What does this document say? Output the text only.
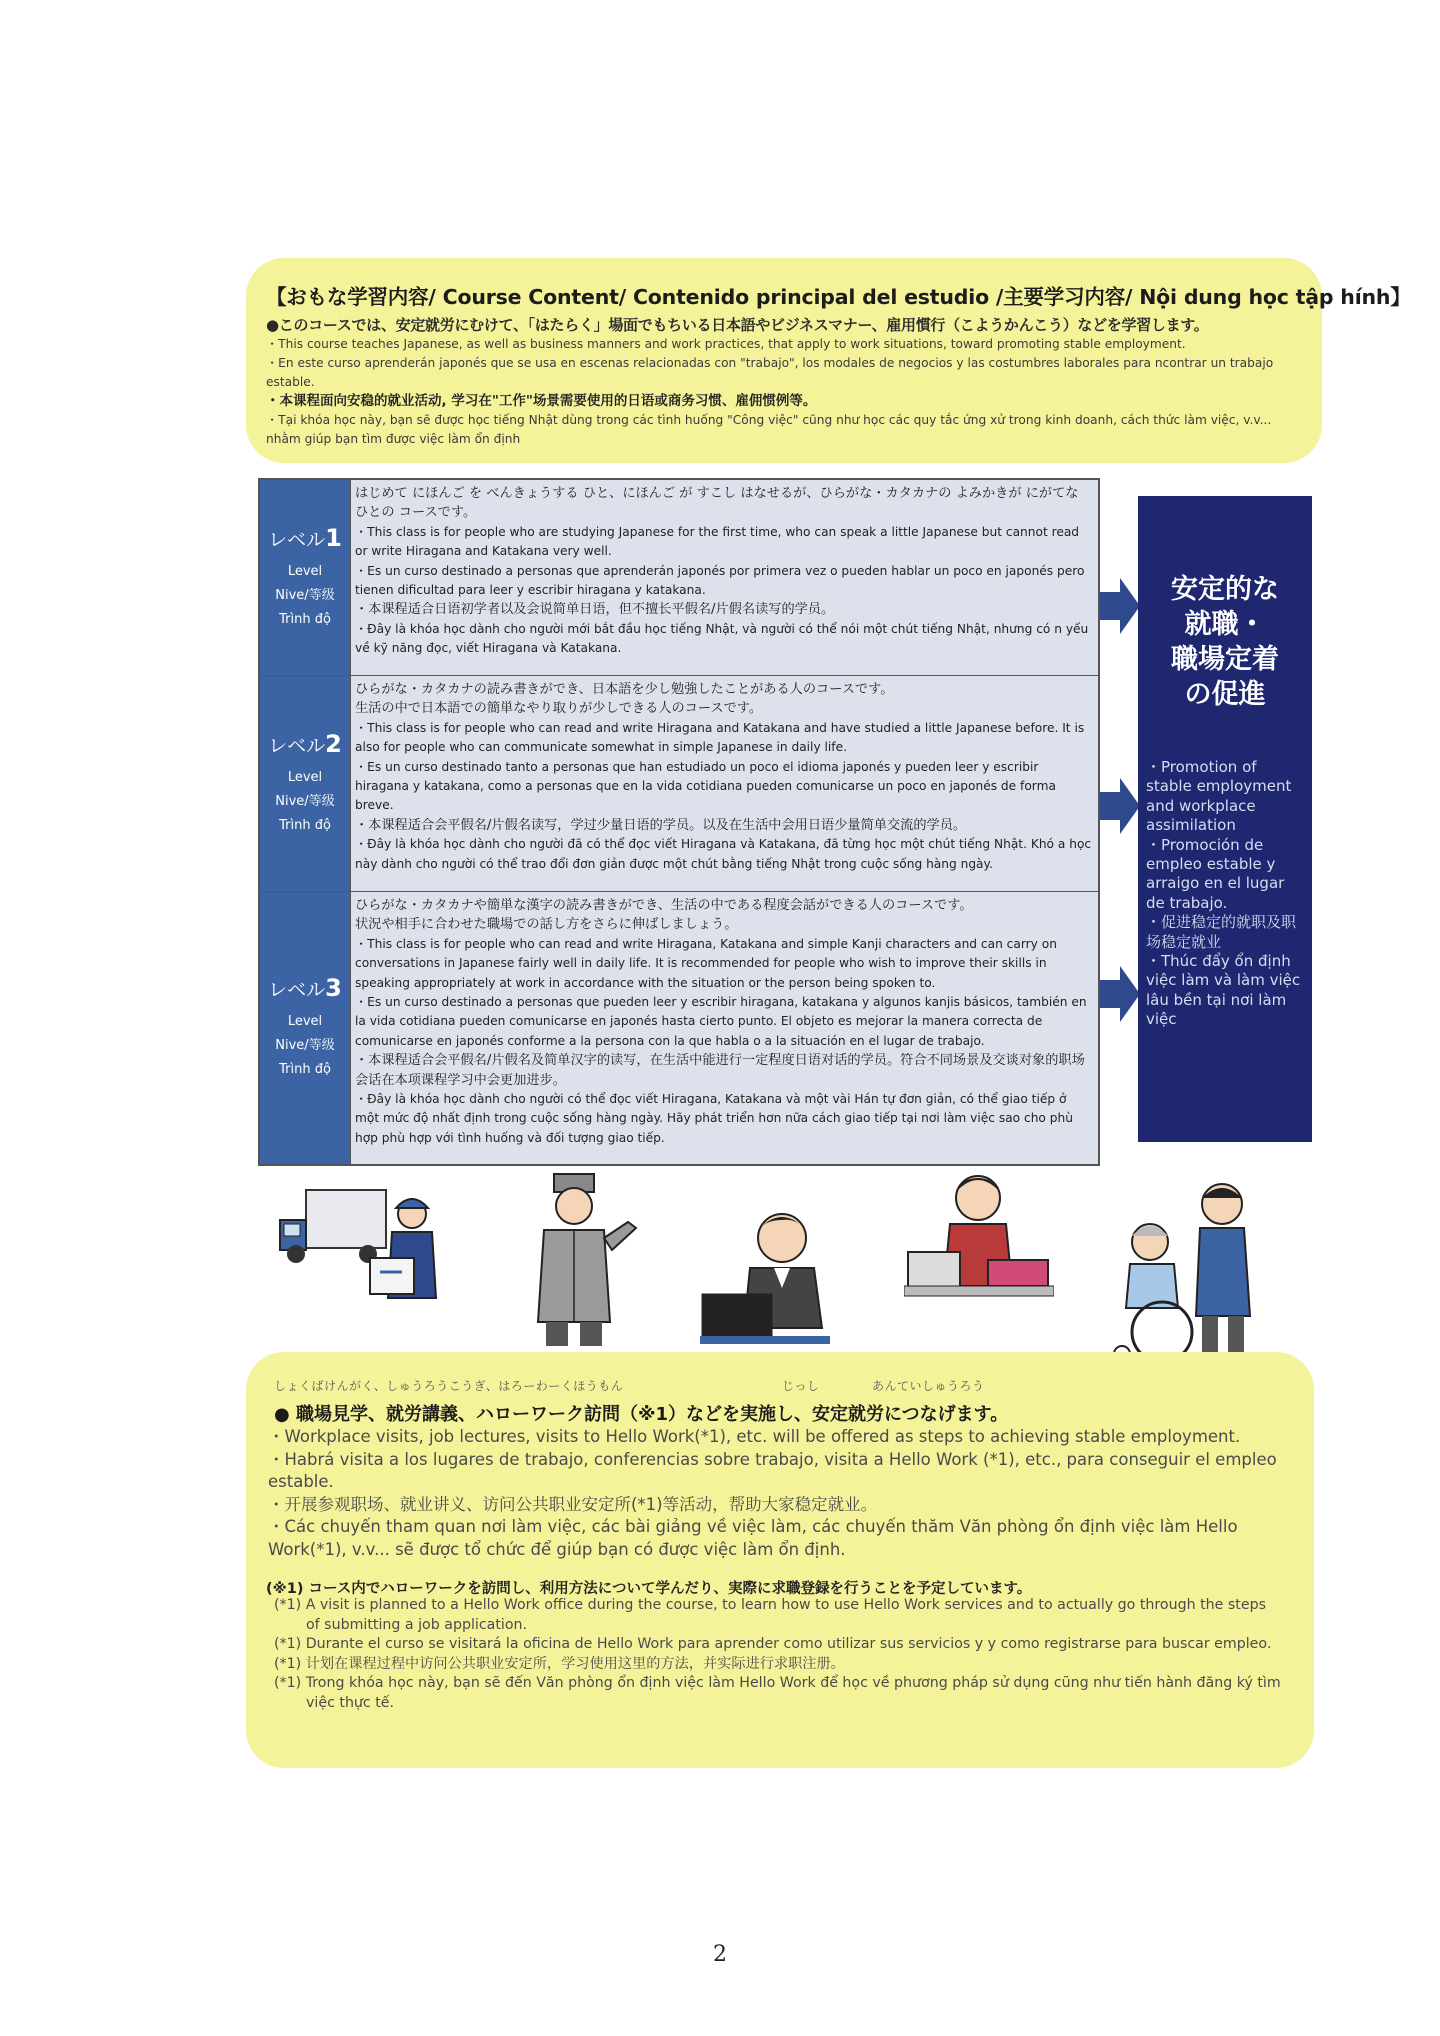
【おもな学習内容/ Course Content/ Contenido principal del estudio /主要学习内容/ Nội dung học tập hính】
●このコースでは、安定就労にむけて、「はたらく」場面でもちいる日本語やビジネスマナー、雇用慣行（こようかんこう）などを学習します。
・This course teaches Japanese, as well as business manners and work practices, that apply to work situations, toward promoting stable employment.
・En este curso aprenderán japonés que se usa en escenas relacionadas con "trabajo", los modales de negocios y las costumbres laborales para ncontrar un trabajo estable.
・本课程面向安稳的就业活动, 学习在"工作"场景需要使用的日语或商务习惯、雇佣惯例等。
・Tại khóa học này, bạn sẽ được học tiếng Nhật dùng trong các tình huống "Công việc" cũng như học các quy tắc ứng xử trong kinh doanh, cách thức làm việc, v.v... nhằm giúp bạn tìm được việc làm ổn định
レベル1
Level
Nive/等级
Trình độ

はじめて にほんご を べんきょうする ひと、にほんご が すこし はなせるが、ひらがな・カタカナの よみかきが にがてな ひとの コースです。

・This class is for people who are studying Japanese for the first time, who can speak a little Japanese but cannot read or write Hiragana and Katakana very well.

・Es un curso destinado a personas que aprenderán japonés por primera vez o pueden hablar un poco en japonés pero tienen dificultad para leer y escribir hiragana y katakana.

・本课程适合日语初学者以及会说简单日语，但不擅长平假名/片假名读写的学员。

・Đây là khóa học dành cho người mới bắt đầu học tiếng Nhật, và người có thể nói một chút tiếng Nhật, nhưng có n yếu về kỹ năng đọc, viết Hiragana và Katakana.

レベル2
Level
Nive/等级
Trình độ

ひらがな・カタカナの読み書きができ、日本語を少し勉強したことがある人のコースです。

生活の中で日本語での簡単なやり取りが少しできる人のコースです。

・This class is for people who can read and write Hiragana and Katakana and have studied a little Japanese before. It is also for people who can communicate somewhat in simple Japanese in daily life.

・Es un curso destinado tanto a personas que han estudiado un poco el idioma japonés y pueden leer y escribir hiragana y katakana, como a personas que en la vida cotidiana pueden comunicarse un poco en japonés de forma breve.

・本课程适合会平假名/片假名读写，学过少量日语的学员。以及在生活中会用日语少量简单交流的学员。

・Đây là khóa học dành cho người đã có thể đọc viết Hiragana và Katakana, đã từng học một chút tiếng Nhật. Khó a học này dành cho người có thể trao đổi đơn giản được một chút bằng tiếng Nhật trong cuộc sống hàng ngày.

レベル3
Level
Nive/等级
Trình độ

ひらがな・カタカナや簡単な漢字の読み書きができ、生活の中である程度会話ができる人のコースです。

状況や相手に合わせた職場での話し方をさらに伸ばしましょう。

・This class is for people who can read and write Hiragana, Katakana and simple Kanji characters and can carry on conversations in Japanese fairly well in daily life. It is recommended for people who wish to improve their skills in speaking appropriately at work in accordance with the situation or the person being spoken to.

・Es un curso destinado a personas que pueden leer y escribir hiragana, katakana y algunos kanjis básicos, también en la vida cotidiana pueden comunicarse en japonés hasta cierto punto. El objeto es mejorar la manera correcta de comunicarse en japonés conforme a la persona con la que habla o a la situación en el lugar de trabajo.

・本课程适合会平假名/片假名及简单汉字的读写，在生活中能进行一定程度日语对话的学员。符合不同场景及交谈对象的职场会话在本项课程学习中会更加进步。

・Đây là khóa học dành cho người có thể đọc viết Hiragana, Katakana và một vài Hán tự đơn giản, có thể giao tiếp ở một mức độ nhất định trong cuộc sống hàng ngày. Hãy phát triển hơn nữa cách giao tiếp tại nơi làm việc sao cho phù hợp phù hợp với tình huống và đối tượng giao tiếp.

安定的な
就職・
職場定着
の促進
・Promotion of stable employment and workplace assimilation
・Promoción de empleo estable y arraigo en el lugar de trabajo.
・促进稳定的就职及职场稳定就业
・Thúc đẩy ổn định việc làm và làm việc lâu bền tại nơi làm việc
しょくばけんがく、しゅうろうこうぎ、はろーわーくほうもん	じっし	あんていしゅうろう
● 職場見学、就労講義、ハローワーク訪問（※1）などを実施し、安定就労につなげます。
・Workplace visits, job lectures, visits to Hello Work(*1), etc. will be offered as steps to achieving stable employment.
・Habrá visita a los lugares de trabajo, conferencias sobre trabajo, visita a Hello Work (*1), etc., para conseguir el empleo estable.
・开展参观职场、就业讲义、访问公共职业安定所(*1)等活动，帮助大家稳定就业。
・Các chuyến tham quan nơi làm việc, các bài giảng về việc làm, các chuyến thăm Văn phòng ổn định việc làm Hello Work(*1), v.v... sẽ được tổ chức để giúp bạn có được việc làm ổn định.
(※1) コース内でハローワークを訪問し、利用方法について学んだり、実際に求職登録を行うことを予定しています。
(*1) A visit is planned to a Hello Work office during the course, to learn how to use Hello Work services and to actually go through the steps of submitting a job application.
(*1) Durante el curso se visitará la oficina de Hello Work para aprender como utilizar sus servicios y y como registrarse para buscar empleo.
(*1) 计划在课程过程中访问公共职业安定所，学习使用这里的方法，并实际进行求职注册。
(*1) Trong khóa học này, bạn sẽ đến Văn phòng ổn định việc làm Hello Work để học về phương pháp sử dụng cũng như tiến hành đăng ký tìm việc thực tế.
2
